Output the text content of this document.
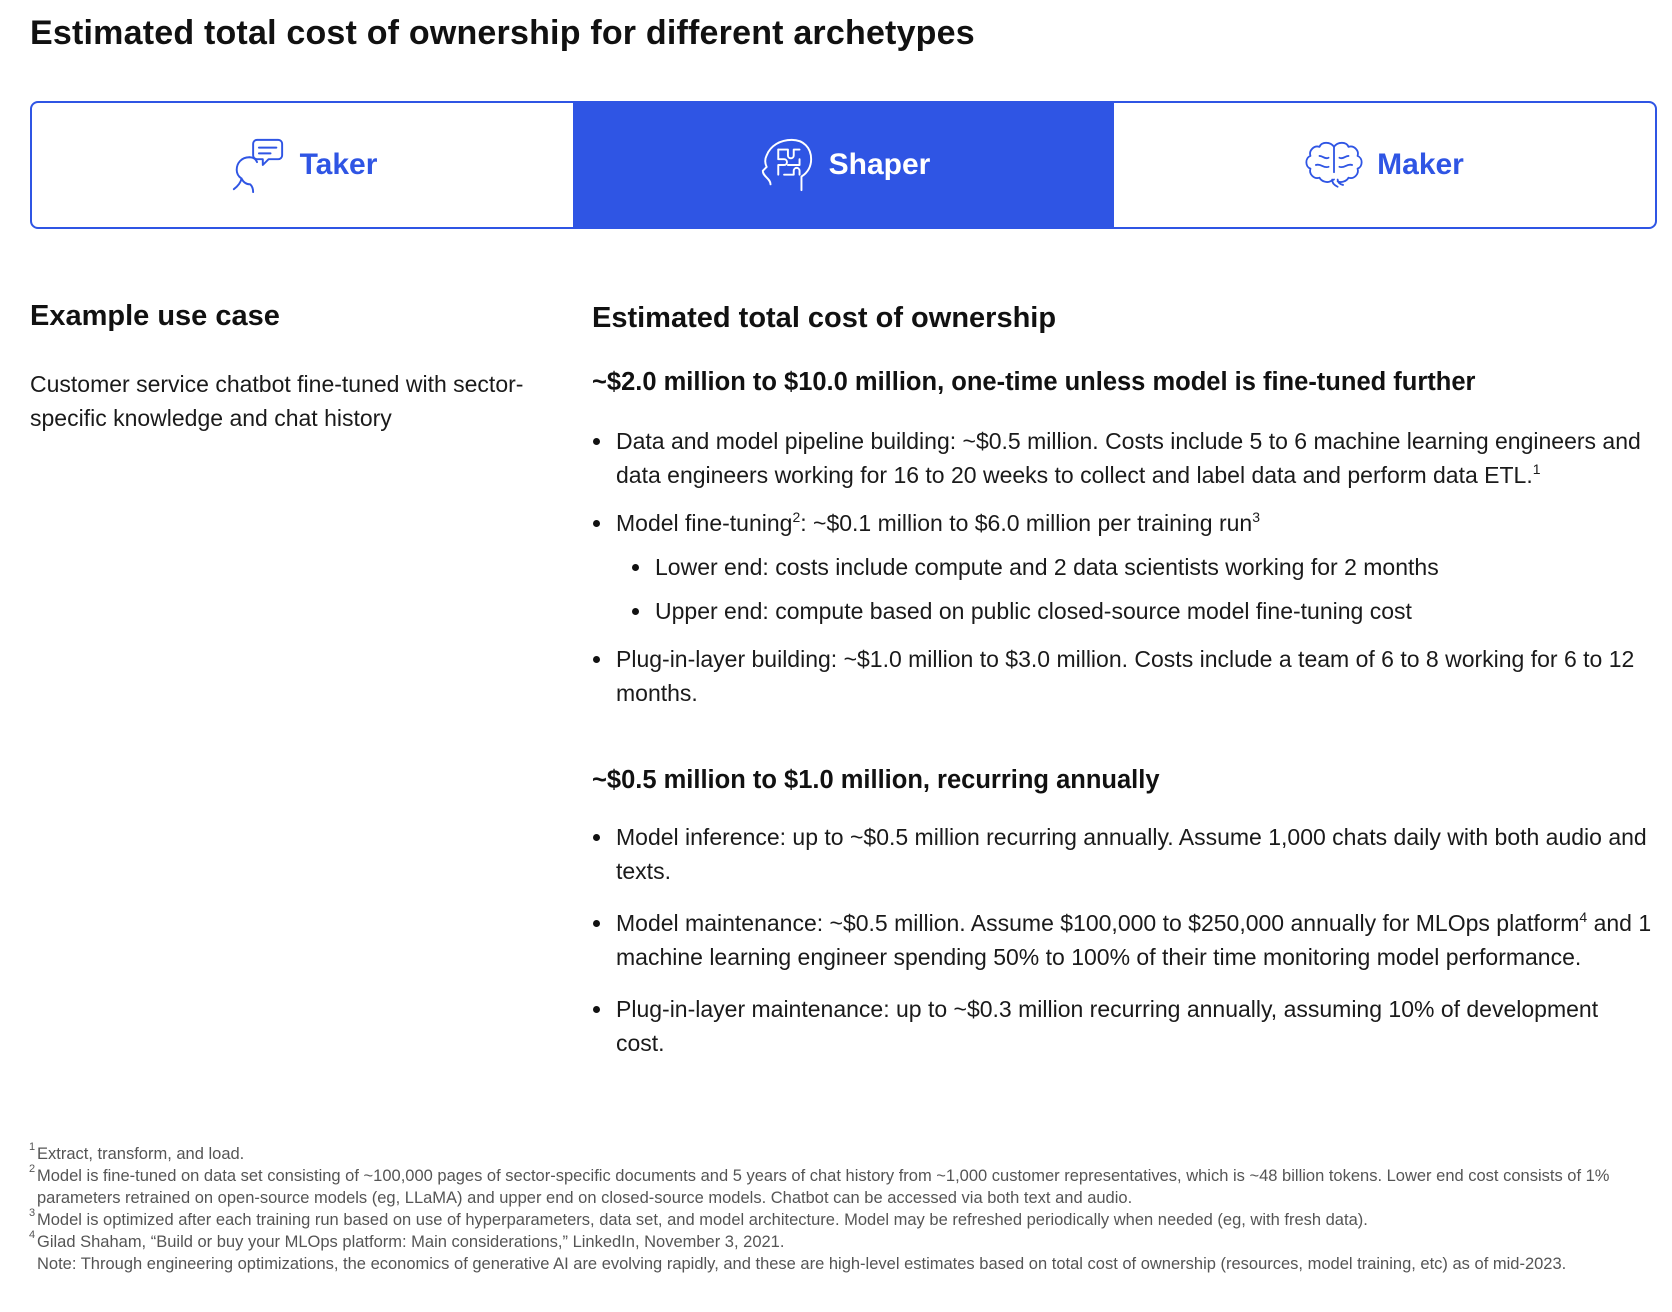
Estimated total cost of ownership for different archetypes
Taker	Shaper	Maker
Example use case

Customer service chatbot fine-tuned with sector-specific knowledge and chat history

Estimated total cost of ownership
~$2.0 million to $10.0 million, one-time unless model is fine-tuned further
Data and model pipeline building: ~$0.5 million. Costs include 5 to 6 machine learning engineers and data engineers working for 16 to 20 weeks to collect and label data and perform data ETL.$^1$
Model fine-tuning$^2$: ~$0.1 million to $6.0 million per training run$^3$
Lower end: costs include compute and 2 data scientists working for 2 months
Upper end: compute based on public closed-source model fine-tuning cost
Plug-in-layer building: ~$1.0 million to $3.0 million. Costs include a team of 6 to 8 working for 6 to 12 months.
~$0.5 million to $1.0 million, recurring annually
Model inference: up to ~$0.5 million recurring annually. Assume 1,000 chats daily with both audio and texts.
Model maintenance: ~$0.5 million. Assume $100,000 to $250,000 annually for MLOps platform$^4$ and 1 machine learning engineer spending 50% to 100% of their time monitoring model performance.
Plug-in-layer maintenance: up to ~$0.3 million recurring annually, assuming 10% of development cost.
1 Extract, transform, and load.
2 Model is fine-tuned on data set consisting of ~100,000 pages of sector-specific documents and 5 years of chat history from ~1,000 customer representatives, which is ~48 billion tokens. Lower end cost consists of 1% parameters retrained on open-source models (eg, LLaMA) and upper end on closed-source models. Chatbot can be accessed via both text and audio.
3 Model is optimized after each training run based on use of hyperparameters, data set, and model architecture. Model may be refreshed periodically when needed (eg, with fresh data).
4 Gilad Shaham, “Build or buy your MLOps platform: Main considerations,” LinkedIn, November 3, 2021.
Note: Through engineering optimizations, the economics of generative AI are evolving rapidly, and these are high-level estimates based on total cost of ownership (resources, model training, etc) as of mid-2023.
